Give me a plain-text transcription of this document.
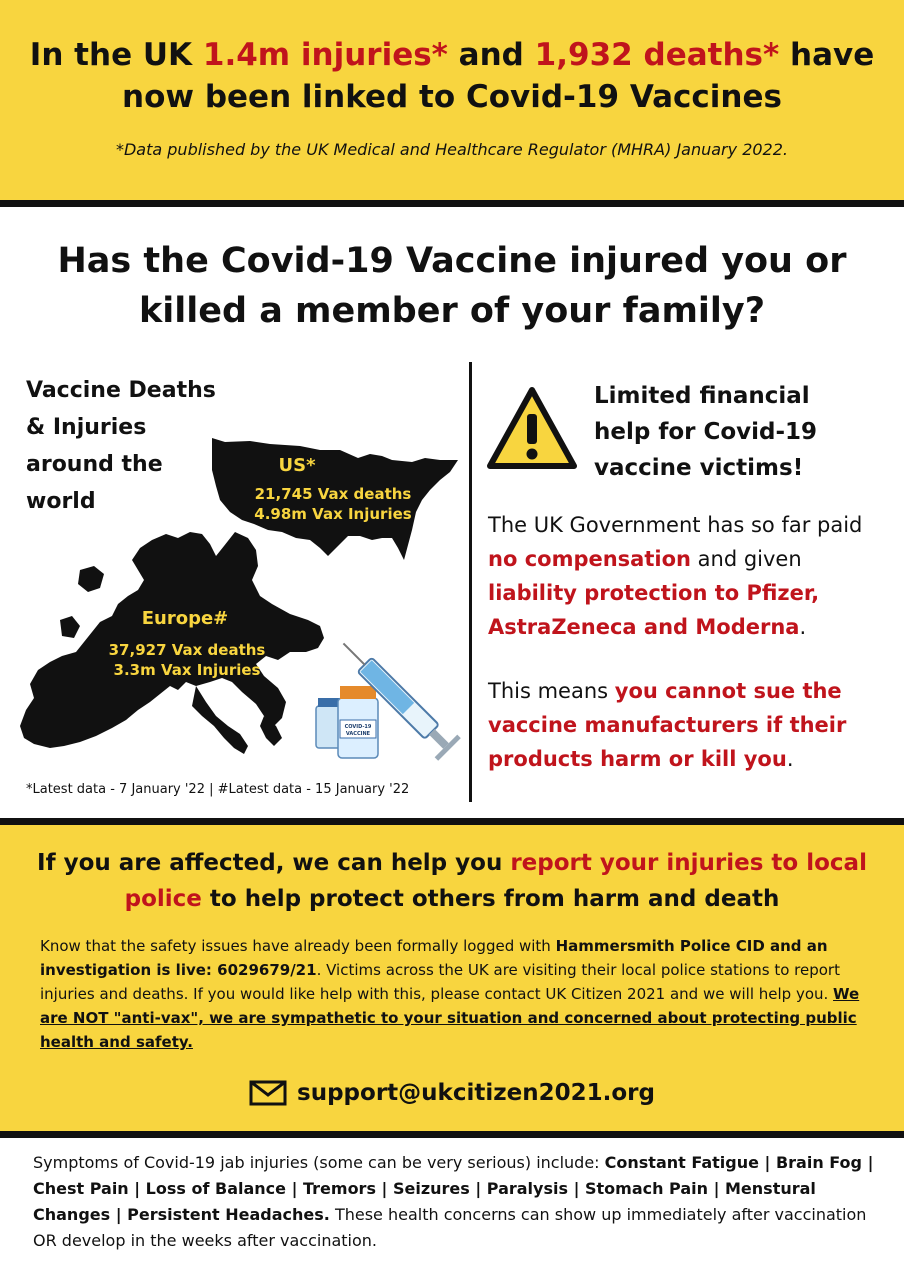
In the UK 1.4m injuries* and 1,932 deaths* have now been linked to Covid-19 Vaccines
*Data published by the UK Medical and Healthcare Regulator (MHRA) January 2022.
Has the Covid-19 Vaccine injured you or killed a member of your family?
Vaccine Deaths
& Injuries
around the
world
COVID-19
VACCINE
US*
21,745 Vax deaths
4.98m Vax Injuries
Europe#
37,927 Vax deaths
3.3m Vax Injuries
*Latest data - 7 January '22 | #Latest data - 15 January '22
Limited financial
help for Covid-19
vaccine victims!
The UK Government has so far paid no compensation and given liability protection to Pfizer, AstraZeneca and Moderna.
This means you cannot sue the vaccine manufacturers if their products harm or kill you.
If you are affected, we can help you report your injuries to local police to help protect others from harm and death
Know that the safety issues have already been formally logged with Hammersmith Police CID and an investigation is live: 6029679/21. Victims across the UK are visiting their local police stations to report injuries and deaths. If you would like help with this, please contact UK Citizen 2021 and we will help you. We are NOT "anti-vax", we are sympathetic to your situation and concerned about protecting public health and safety.
support@ukcitizen2021.org
Symptoms of Covid-19 jab injuries (some can be very serious) include: Constant Fatigue | Brain Fog | Chest Pain | Loss of Balance | Tremors | Seizures | Paralysis | Stomach Pain | Menstural Changes | Persistent Headaches. These health concerns can show up immediately after vaccination OR develop in the weeks after vaccination.
